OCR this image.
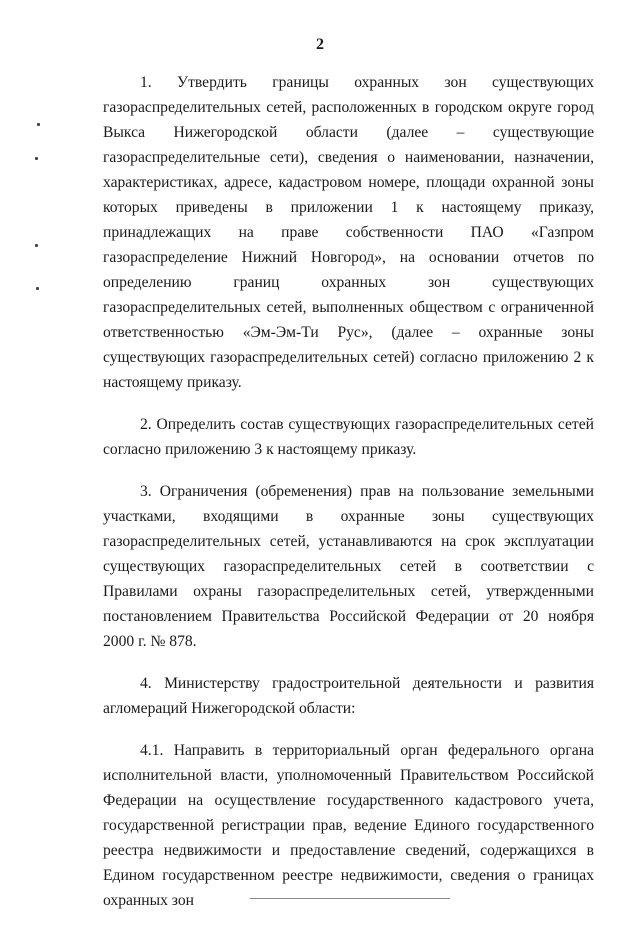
2

1. Утвердить границы охранных зон существующих газораспределительных сетей, расположенных в городском округе город Выкса Нижегородской области (далее – существующие газораспределительные сети), сведения о наименовании, назначении, характеристиках, адресе, кадастровом номере, площади охранной зоны которых приведены в приложении 1 к настоящему приказу, принадлежащих на праве собственности ПАО «Газпром газораспределение Нижний Новгород», на основании отчетов по определению границ охранных зон существующих газораспределительных сетей, выполненных обществом с ограниченной ответственностью «Эм-Эм-Ти Рус», (далее – охранные зоны существующих газораспределительных сетей) согласно приложению 2 к настоящему приказу.

2. Определить состав существующих газораспределительных сетей согласно приложению 3 к настоящему приказу.

3. Ограничения (обременения) прав на пользование земельными участками, входящими в охранные зоны существующих газораспределительных сетей, устанавливаются на срок эксплуатации существующих газораспределительных сетей в соответствии с Правилами охраны газораспределительных сетей, утвержденными постановлением Правительства Российской Федерации от 20 ноября 2000 г. № 878.

4. Министерству градостроительной деятельности и развития агломераций Нижегородской области:

4.1. Направить в территориальный орган федерального органа исполнительной власти, уполномоченный Правительством Российской Федерации на осуществление государственного кадастрового учета, государственной регистрации прав, ведение Единого государственного реестра недвижимости и предоставление сведений, содержащихся в Едином государственном реестре недвижимости, сведения о границах охранных зон
